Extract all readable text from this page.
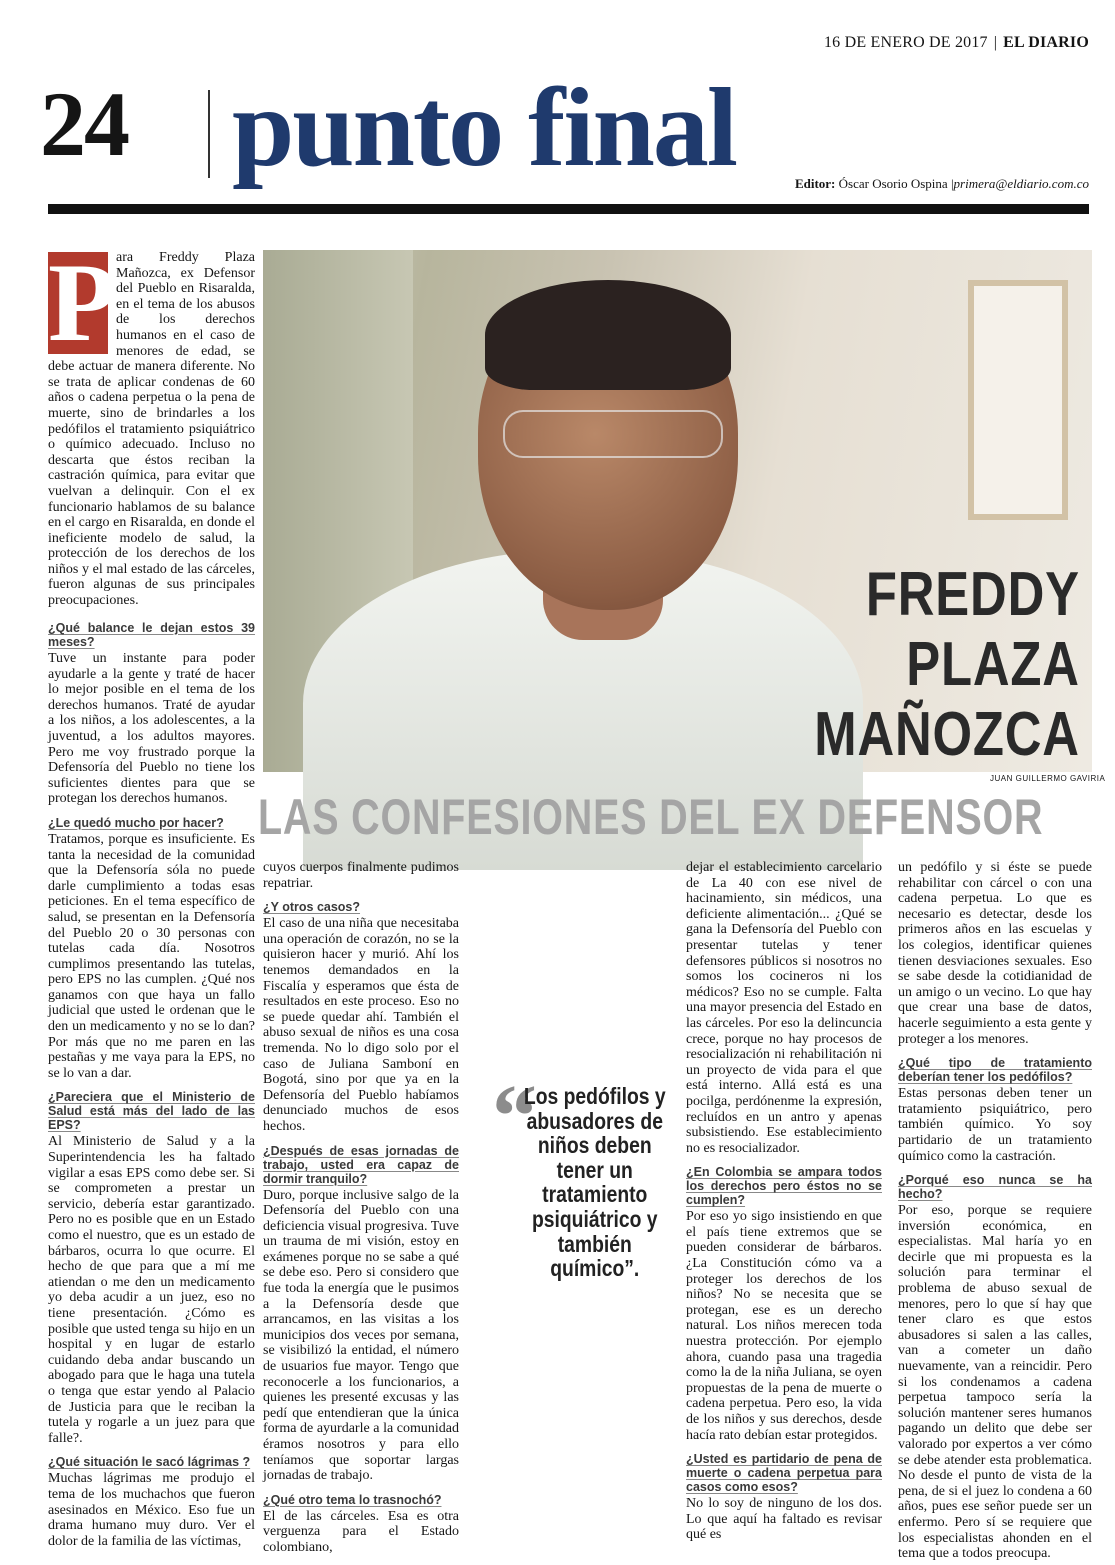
16 DE ENERO DE 2017 | EL DIARIO
24 punto final	Editor: Óscar Osorio Ospina |primera@eldiario.com.co
FREDDY
PLAZA
MAÑOZCA
JUAN GUILLERMO GAVIRIA
LAS CONFESIONES DEL EX DEFENSOR
P ara Freddy Plaza Mañozca, ex Defensor del Pueblo en Risaralda, en el tema de los abusos de los derechos humanos en el caso de menores de edad, se debe actuar de manera diferente. No se trata de aplicar condenas de 60 años o cadena perpetua o la pena de muerte, sino de brindarles a los pedófilos el tratamiento psiquiátrico o químico adecuado. Incluso no descarta que éstos reciban la castración química, para evitar que vuelvan a delinquir. Con el ex funcionario hablamos de su balance en el cargo en Risaralda, en donde el ineficiente modelo de salud, la protección de los derechos de los niños y el mal estado de las cárceles, fueron algunas de sus principales preocupaciones.

¿Qué balance le dejan estos 39 meses?

Tuve un instante para poder ayudarle a la gente y traté de hacer lo mejor posible en el tema de los derechos humanos. Traté de ayudar a los niños, a los adolescentes, a la juventud, a los adultos mayores. Pero me voy frustrado porque la Defensoría del Pueblo no tiene los suficientes dientes para que se protegan los derechos humanos.

¿Le quedó mucho por hacer?

Tratamos, porque es insuficiente. Es tanta la necesidad de la comunidad que la Defensoría sóla no puede darle cumplimiento a todas esas peticiones. En el tema específico de salud, se presentan en la Defensoría del Pueblo 20 o 30 personas con tutelas cada día. Nosotros cumplimos presentando las tutelas, pero EPS no las cumplen. ¿Qué nos ganamos con que haya un fallo judicial que usted le ordenan que le den un medicamento y no se lo dan? Por más que no me paren en las pestañas y me vaya para la EPS, no se lo van a dar.

¿Pareciera que el Ministerio de Salud está más del lado de las EPS?

Al Ministerio de Salud y a la Superintendencia les ha faltado vigilar a esas EPS como debe ser. Si se comprometen a prestar un servicio, debería estar garantizado. Pero no es posible que en un Estado como el nuestro, que es un estado de bárbaros, ocurra lo que ocurre. El hecho de que para que a mí me atiendan o me den un medicamento yo deba acudir a un juez, eso no tiene presentación. ¿Cómo es posible que usted tenga su hijo en un hospital y en lugar de estarlo cuidando deba andar buscando un abogado para que le haga una tutela o tenga que estar yendo al Palacio de Justicia para que le reciban la tutela y rogarle a un juez para que falle?.

¿Qué situación le sacó lágrimas ?

Muchas lágrimas me produjo el tema de los muchachos que fueron asesinados en México. Eso fue un drama humano muy duro. Ver el dolor de la familia de las víctimas,

cuyos cuerpos finalmente pudimos repatriar.

¿Y otros casos?

El caso de una niña que necesitaba una operación de corazón, no se la quisieron hacer y murió. Ahí los tenemos demandados en la Fiscalía y esperamos que ésta de resultados en este proceso. Eso no se puede quedar ahí. También el abuso sexual de niños es una cosa tremenda. No lo digo solo por el caso de Juliana Samboní en Bogotá, sino por que ya en la Defensoría del Pueblo habíamos denunciado muchos de esos hechos.

¿Después de esas jornadas de trabajo, usted era capaz de dormir tranquilo?

Duro, porque inclusive salgo de la Defensoría del Pueblo con una deficiencia visual progresiva. Tuve un trauma de mi visión, estoy en exámenes porque no se sabe a qué se debe eso. Pero si considero que fue toda la energía que le pusimos a la Defensoría desde que arrancamos, en las visitas a los municipios dos veces por semana, se visibilizó la entidad, el número de usuarios fue mayor. Tengo que reconocerle a los funcionarios, a quienes les presenté excusas y las pedí que entendieran que la única forma de ayurdarle a la comunidad éramos nosotros y para ello teníamos que soportar largas jornadas de trabajo.

¿Qué otro tema lo trasnochó?

El de las cárceles. Esa es otra verguenza para el Estado colombiano,

“
Los pedófilos y abusadores de niños deben tener un tratamiento psiquiátrico y también químico”.

dejar el establecimiento carcelario de La 40 con ese nivel de hacinamiento, sin médicos, una deficiente alimentación... ¿Qué se gana la Defensoría del Pueblo con presentar tutelas y tener defensores públicos si nosotros no somos los cocineros ni los médicos? Eso no se cumple. Falta una mayor presencia del Estado en las cárceles. Por eso la delincuncia crece, porque no hay procesos de resocialización ni rehabilitación ni un proyecto de vida para el que está interno. Allá está es una pocilga, perdónenme la expresión, recluídos en un antro y apenas subsistiendo. Ese establecimiento no es resocializador.

¿En Colombia se ampara todos los derechos pero éstos no se cumplen?

Por eso yo sigo insistiendo en que el país tiene extremos que se pueden considerar de bárbaros. ¿La Constitución cómo va a proteger los derechos de los niños? No se necesita que se protegan, ese es un derecho natural. Los niños merecen toda nuestra protección. Por ejemplo ahora, cuando pasa una tragedia como la de la niña Juliana, se oyen propuestas de la pena de muerte o cadena perpetua. Pero eso, la vida de los niños y sus derechos, desde hacía rato debían estar protegidos.

¿Usted es partidario de pena de muerte o cadena perpetua para casos como esos?

No lo soy de ninguno de los dos. Lo que aquí ha faltado es revisar qué es

un pedófilo y si éste se puede rehabilitar con cárcel o con una cadena perpetua. Lo que es necesario es detectar, desde los primeros años en las escuelas y los colegios, identificar quienes tienen desviaciones sexuales. Eso se sabe desde la cotidianidad de un amigo o un vecino. Lo que hay que crear una base de datos, hacerle seguimiento a esta gente y proteger a los menores.

¿Qué tipo de tratamiento deberían tener los pedófilos?

Estas personas deben tener un tratamiento psiquiátrico, pero también químico. Yo soy partidario de un tratamiento químico como la castración.

¿Porqué eso nunca se ha hecho?

Por eso, porque se requiere inversión económica, en especialistas. Mal haría yo en decirle que mi propuesta es la solución para terminar el problema de abuso sexual de menores, pero lo que sí hay que tener claro es que estos abusadores si salen a las calles, van a cometer un daño nuevamente, van a reincidir. Pero si los condenamos a cadena perpetua tampoco sería la solución mantener seres humanos pagando un delito que debe ser valorado por expertos a ver cómo se debe atender esta problematica. No desde el punto de vista de la pena, de si el juez lo condena a 60 años, pues ese señor puede ser un enfermo. Pero sí se requiere que los especialistas ahonden en el tema que a todos preocupa.
